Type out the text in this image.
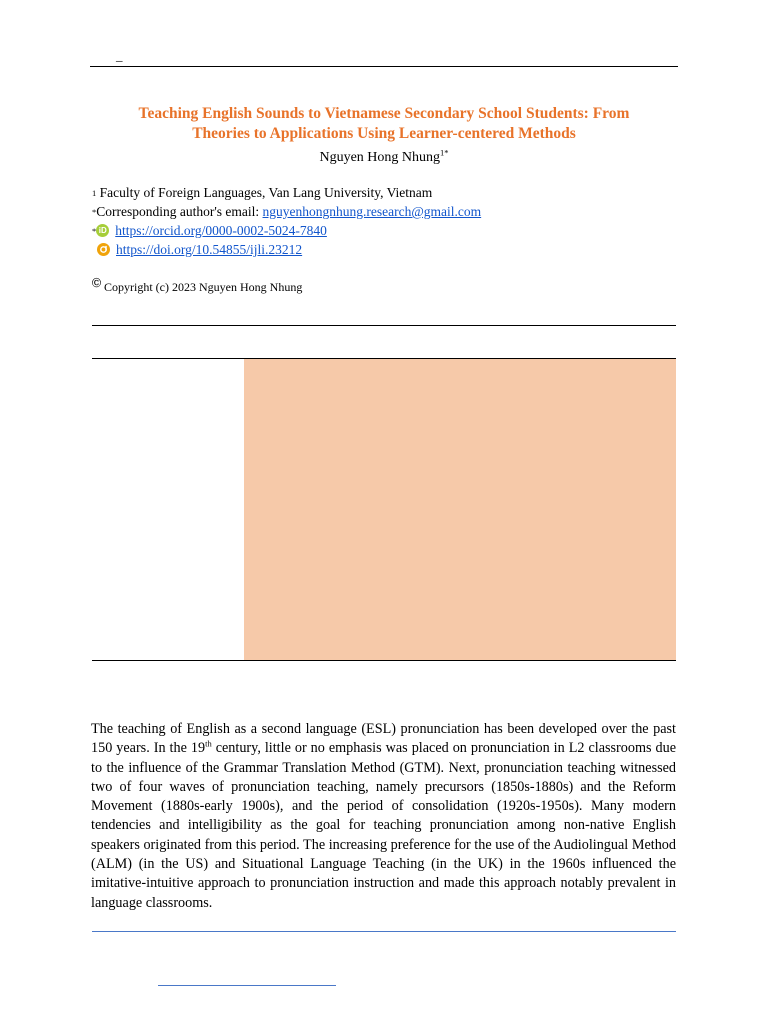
_
Teaching English Sounds to Vietnamese Secondary School Students: From
Theories to Applications Using Learner-centered Methods
Nguyen Hong Nhung$^{1*}$
1
Faculty of Foreign Languages, Van Lang University, Vietnam
* Corresponding author's email: nguyenhongnhung.research@gmail.com
* iD https://orcid.org/0000-0002-5024-7840
https://doi.org/10.54855/ijli.23212
Ⓒ Copyright (c) 2023 Nguyen Hong Nhung

The teaching of English as a second language (ESL) pronunciation has been developed over the past 150 years. In the 19th century, little or no emphasis was placed on pronunciation in L2 classrooms due to the influence of the Grammar Translation Method (GTM). Next, pronunciation teaching witnessed two of four waves of pronunciation teaching, namely precursors (1850s-1880s) and the Reform Movement (1880s-early 1900s), and the period of consolidation (1920s-1950s). Many modern tendencies and intelligibility as the goal for teaching pronunciation among non-native English speakers originated from this period. The increasing preference for the use of the Audiolingual Method (ALM) (in the US) and Situational Language Teaching (in the UK) in the 1960s influenced the imitative-intuitive approach to pronunciation instruction and made this approach notably prevalent in language classrooms.
